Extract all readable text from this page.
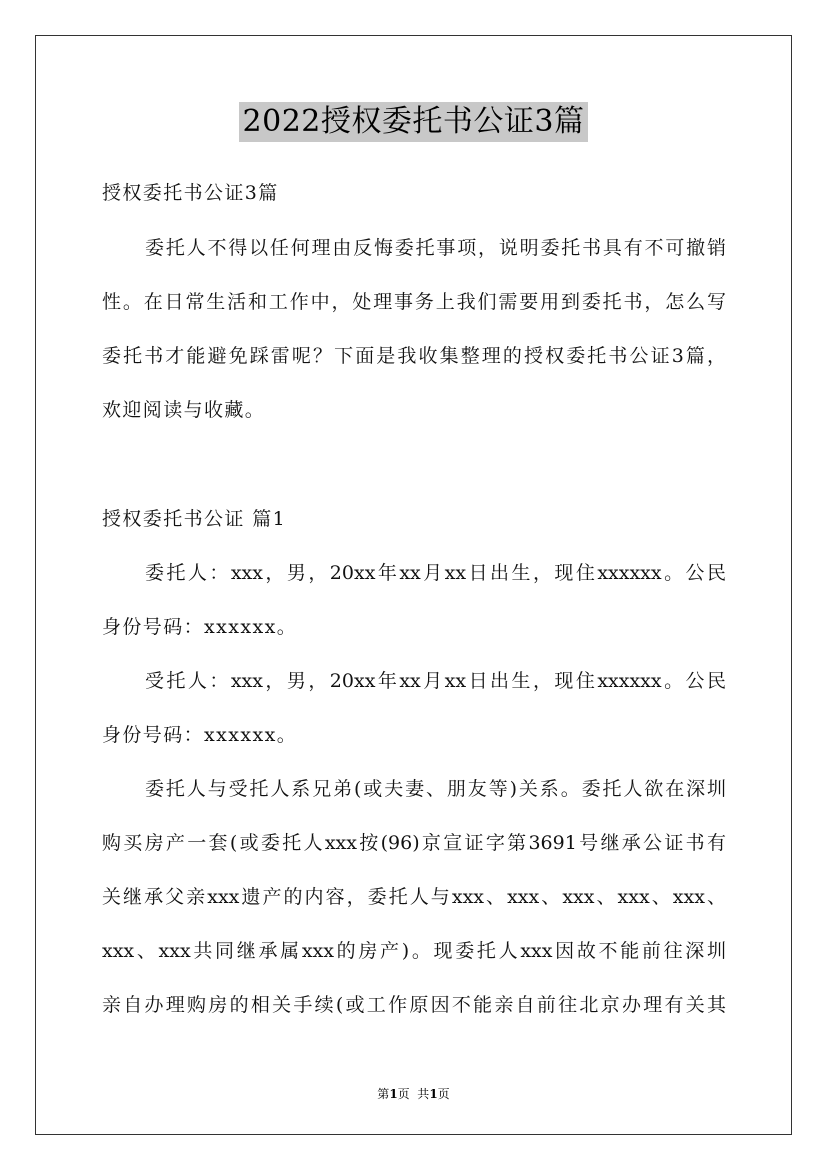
2022授权委托书公证3篇
授权委托书公证3篇
委托人不得以任何理由反悔委托事项，说明委托书具有不可撤销
性。在日常生活和工作中，处理事务上我们需要用到委托书，怎么写
委托书才能避免踩雷呢？下面是我收集整理的授权委托书公证3篇，
欢迎阅读与收藏。
授权委托书公证 篇1
委托人：xxx，男，20xx年xx月xx日出生，现住xxxxxx。公民
身份号码：xxxxxx。
受托人：xxx，男，20xx年xx月xx日出生，现住xxxxxx。公民
身份号码：xxxxxx。
委托人与受托人系兄弟(或夫妻、朋友等)关系。委托人欲在深圳
购买房产一套(或委托人xxx按(96)京宣证字第3691号继承公证书有
关继承父亲xxx遗产的内容，委托人与xxx、xxx、xxx、xxx、xxx、
xxx、xxx共同继承属xxx的房产)。现委托人xxx因故不能前往深圳
亲自办理购房的相关手续(或工作原因不能亲自前往北京办理有关其
第1页  共1页
